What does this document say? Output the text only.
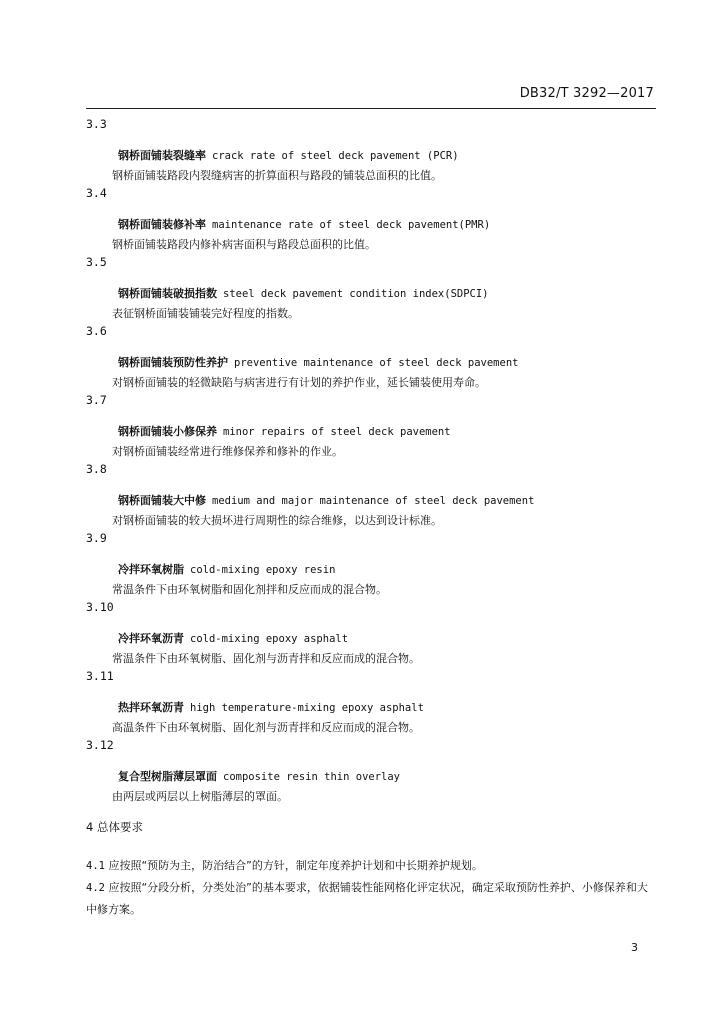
DB32/T 3292—2017
3.3
钢桥面铺装裂缝率 crack rate of steel deck pavement (PCR)
钢桥面铺装路段内裂缝病害的折算面积与路段的铺装总面积的比值。
3.4
钢桥面铺装修补率 maintenance rate of steel deck pavement(PMR)
钢桥面铺装路段内修补病害面积与路段总面积的比值。
3.5
钢桥面铺装破损指数 steel deck pavement condition index(SDPCI)
表征钢桥面铺装铺装完好程度的指数。
3.6
钢桥面铺装预防性养护 preventive maintenance of steel deck pavement
对钢桥面铺装的轻微缺陷与病害进行有计划的养护作业，延长铺装使用寿命。
3.7
钢桥面铺装小修保养 minor repairs of steel deck pavement
对钢桥面铺装经常进行维修保养和修补的作业。
3.8
钢桥面铺装大中修 medium and major maintenance of steel deck pavement
对钢桥面铺装的较大损坏进行周期性的综合维修，以达到设计标准。
3.9
冷拌环氧树脂 cold-mixing epoxy resin
常温条件下由环氧树脂和固化剂拌和反应而成的混合物。
3.10
冷拌环氧沥青 cold-mixing epoxy asphalt
常温条件下由环氧树脂、固化剂与沥青拌和反应而成的混合物。
3.11
热拌环氧沥青 high temperature-mixing epoxy asphalt
高温条件下由环氧树脂、固化剂与沥青拌和反应而成的混合物。
3.12
复合型树脂薄层罩面 composite resin thin overlay
由两层或两层以上树脂薄层的罩面。
4 总体要求
4.1 应按照“预防为主，防治结合”的方针，制定年度养护计划和中长期养护规划。
4.2 应按照“分段分析，分类处治”的基本要求，依据铺装性能网格化评定状况，确定采取预防性养护、小修保养和大中修方案。
3
